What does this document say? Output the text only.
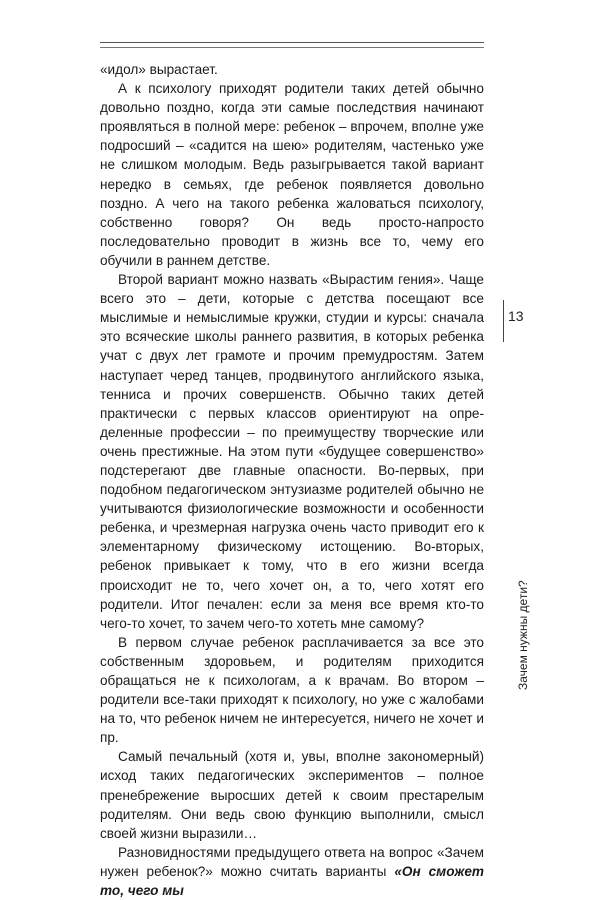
«идол» вырастает.

А к психологу приходят родители таких детей обычно довольно поздно, когда эти самые последствия начинают проявляться в полной мере: ребенок – впрочем, вполне уже подросший – «садится на шею» родителям, частенько уже не слишком молодым. Ведь разыгрывается такой вариант нередко в семьях, где ребенок появляется довольно поздно. А чего на такого ребенка жаловаться психологу, собственно говоря? Он ведь просто-напросто последовательно проводит в жизнь все то, чему его обучили в раннем детстве.

Второй вариант можно назвать «Вырастим гения». Чаще всего это – дети, которые с детства посещают все мыслимые и немыслимые кружки, студии и курсы: сначала это всяческие школы раннего развития, в которых ребенка учат с двух лет грамоте и прочим премудростям. Затем наступает черед танцев, продвинутого английского языка, тенниса и прочих совершенств. Обычно таких детей практически с первых классов ориентируют на определенные профессии – по преимуществу творческие или очень престижные. На этом пути «будущее совершенство» подстерегают две главные опасности. Во-первых, при подобном педагогическом энтузиазме родителей обычно не учитываются физиологические возможности и особенности ребенка, и чрезмерная нагрузка очень часто приводит его к элементарному физическому истощению. Во-вторых, ребенок привыкает к тому, что в его жизни всегда происходит не то, чего хочет он, а то, чего хотят его родители. Итог печален: если за меня все время кто-то чего-то хочет, то зачем чего-то хотеть мне самому?

В первом случае ребенок расплачивается за все это собственным здоровьем, и родителям приходится обращаться не к психологам, а к врачам. Во втором – родители все-таки приходят к психологу, но уже с жалобами на то, что ребенок ничем не интересуется, ничего не хочет и пр.

Самый печальный (хотя и, увы, вполне закономерный) исход таких педагогических экспериментов – полное пренебрежение выросших детей к своим престарелым родителям. Они ведь свою функцию выполнили, смысл своей жизни выразили…

Разновидностями предыдущего ответа на вопрос «Зачем нужен ребенок?» можно считать варианты «Он сможет то, чего мы

13
Зачем нужны дети?
